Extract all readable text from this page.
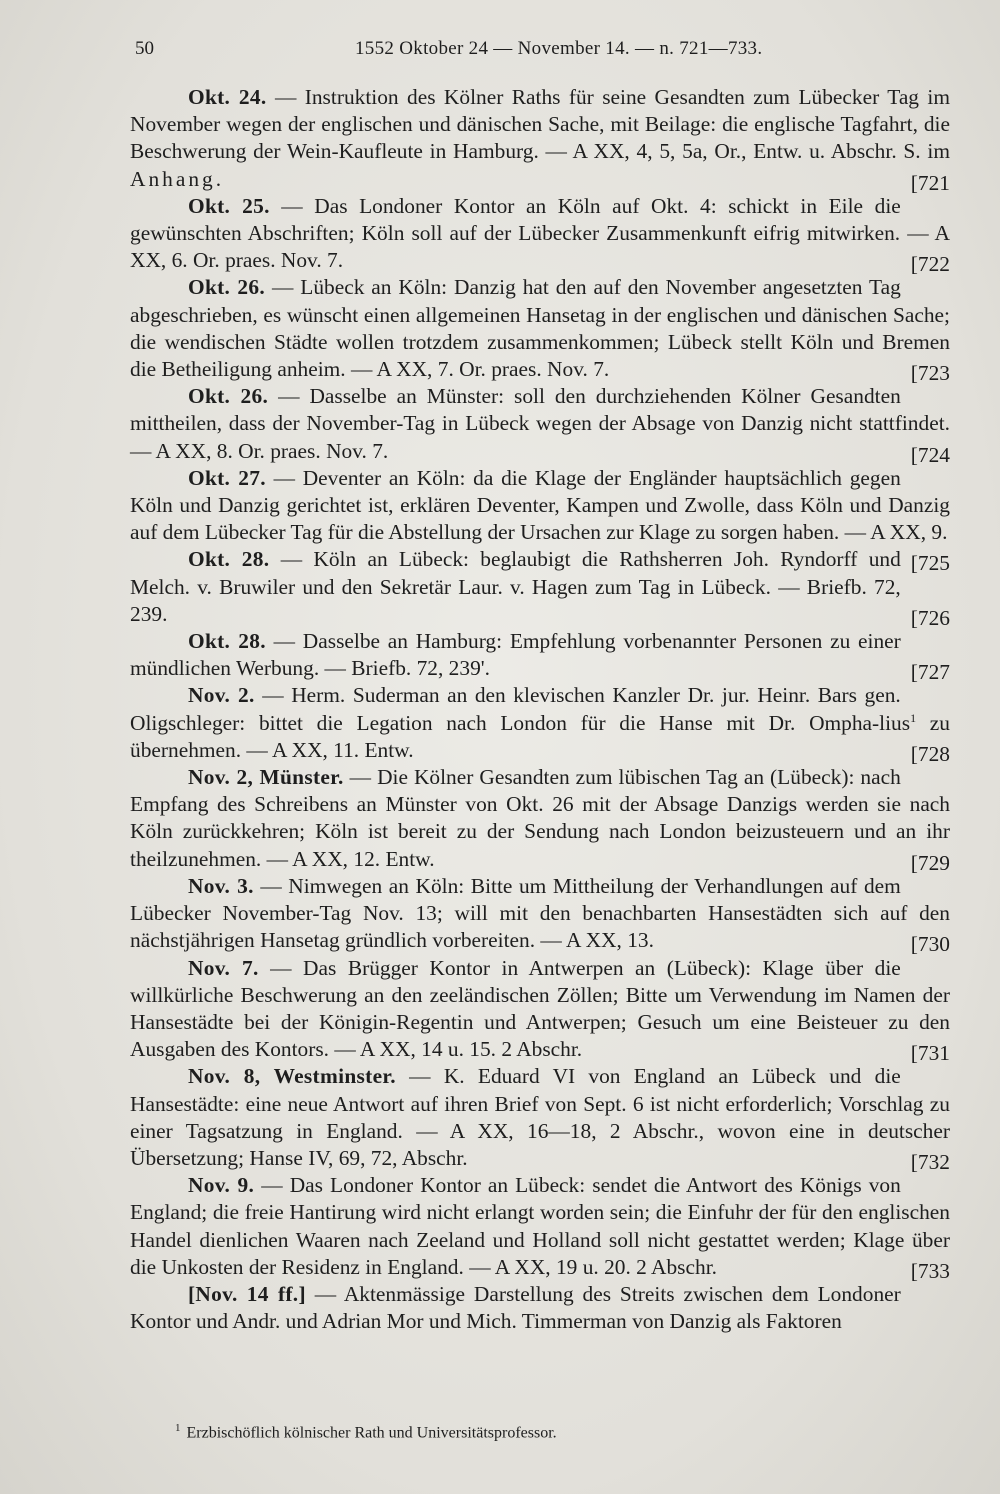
50	1552 Oktober 24 — November 14. — n. 721—733.

Okt. 24. — Instruktion des Kölner Raths für seine Gesandten zum Lübecker Tag im November wegen der englischen und dänischen Sache, mit Beilage: die englische Tagfahrt, die Beschwerung der Wein-Kaufleute in Hamburg. — A XX, 4, 5, 5a, Or., Entw. u. Abschr. S. im Anhang.	[ 721

Okt. 25. — Das Londoner Kontor an Köln auf Okt. 4: schickt in Eile die gewünschten Abschriften; Köln soll auf der Lübecker Zusammenkunft eifrig mitwirken. — A XX, 6. Or. praes. Nov. 7.	[ 722

Okt. 26. — Lübeck an Köln: Danzig hat den auf den November angesetzten Tag abgeschrieben, es wünscht einen allgemeinen Hansetag in der englischen und dänischen Sache; die wendischen Städte wollen trotzdem zusammenkommen; Lübeck stellt Köln und Bremen die Betheiligung anheim. — A XX, 7. Or. praes. Nov. 7.	[ 723

Okt. 26. — Dasselbe an Münster: soll den durchziehenden Kölner Gesandten mittheilen, dass der November-Tag in Lübeck wegen der Absage von Danzig nicht stattfindet. — A XX, 8. Or. praes. Nov. 7.	[ 724

Okt. 27. — Deventer an Köln: da die Klage der Engländer hauptsächlich gegen Köln und Danzig gerichtet ist, erklären Deventer, Kampen und Zwolle, dass Köln und Danzig auf dem Lübecker Tag für die Abstellung der Ursachen zur Klage zu sorgen haben. — A XX, 9.
[ 725

Okt. 28. — Köln an Lübeck: beglaubigt die Rathsherren Joh. Ryndorff und Melch. v. Bruwiler und den Sekretär Laur. v. Hagen zum Tag in Lübeck. — Briefb. 72, 239.	[ 726

Okt. 28. — Dasselbe an Hamburg: Empfehlung vorbenannter Personen zu einer mündlichen Werbung. — Briefb. 72, 239'.	[ 727

Nov. 2. — Herm. Suderman an den klevischen Kanzler Dr. jur. Heinr. Bars gen. Oligschleger: bittet die Legation nach London für die Hanse mit Dr. Ompha-lius$^1$ zu übernehmen. — A XX, 11. Entw.	[ 728

Nov. 2, Münster. — Die Kölner Gesandten zum lübischen Tag an (Lübeck): nach Empfang des Schreibens an Münster von Okt. 26 mit der Absage Danzigs werden sie nach Köln zurückkehren; Köln ist bereit zu der Sendung nach London beizusteuern und an ihr theilzunehmen. — A XX, 12. Entw.	[ 729

Nov. 3. — Nimwegen an Köln: Bitte um Mittheilung der Verhandlungen auf dem Lübecker November-Tag Nov. 13; will mit den benachbarten Hansestädten sich auf den nächstjährigen Hansetag gründlich vorbereiten. — A XX, 13.	[ 730

Nov. 7. — Das Brügger Kontor in Antwerpen an (Lübeck): Klage über die willkürliche Beschwerung an den zeeländischen Zöllen; Bitte um Verwendung im Namen der Hansestädte bei der Königin-Regentin und Antwerpen; Gesuch um eine Beisteuer zu den Ausgaben des Kontors. — A XX, 14 u. 15. 2 Abschr.	[ 731

Nov. 8, Westminster. — K. Eduard VI von England an Lübeck und die Hansestädte: eine neue Antwort auf ihren Brief von Sept. 6 ist nicht erforderlich; Vorschlag zu einer Tagsatzung in England. — A XX, 16—18, 2 Abschr., wovon eine in deutscher Übersetzung; Hanse IV, 69, 72, Abschr.	[ 732

Nov. 9. — Das Londoner Kontor an Lübeck: sendet die Antwort des Königs von England; die freie Hantirung wird nicht erlangt worden sein; die Einfuhr der für den englischen Handel dienlichen Waaren nach Zeeland und Holland soll nicht gestattet werden; Klage über die Unkosten der Residenz in England. — A XX, 19 u. 20. 2 Abschr.	[ 733

[Nov. 14 ff.] — Aktenmässige Darstellung des Streits zwischen dem Londoner Kontor und Andr. und Adrian Mor und Mich. Timmerman von Danzig als Faktoren

$^1$ Erzbischöflich kölnischer Rath und Universitätsprofessor.
